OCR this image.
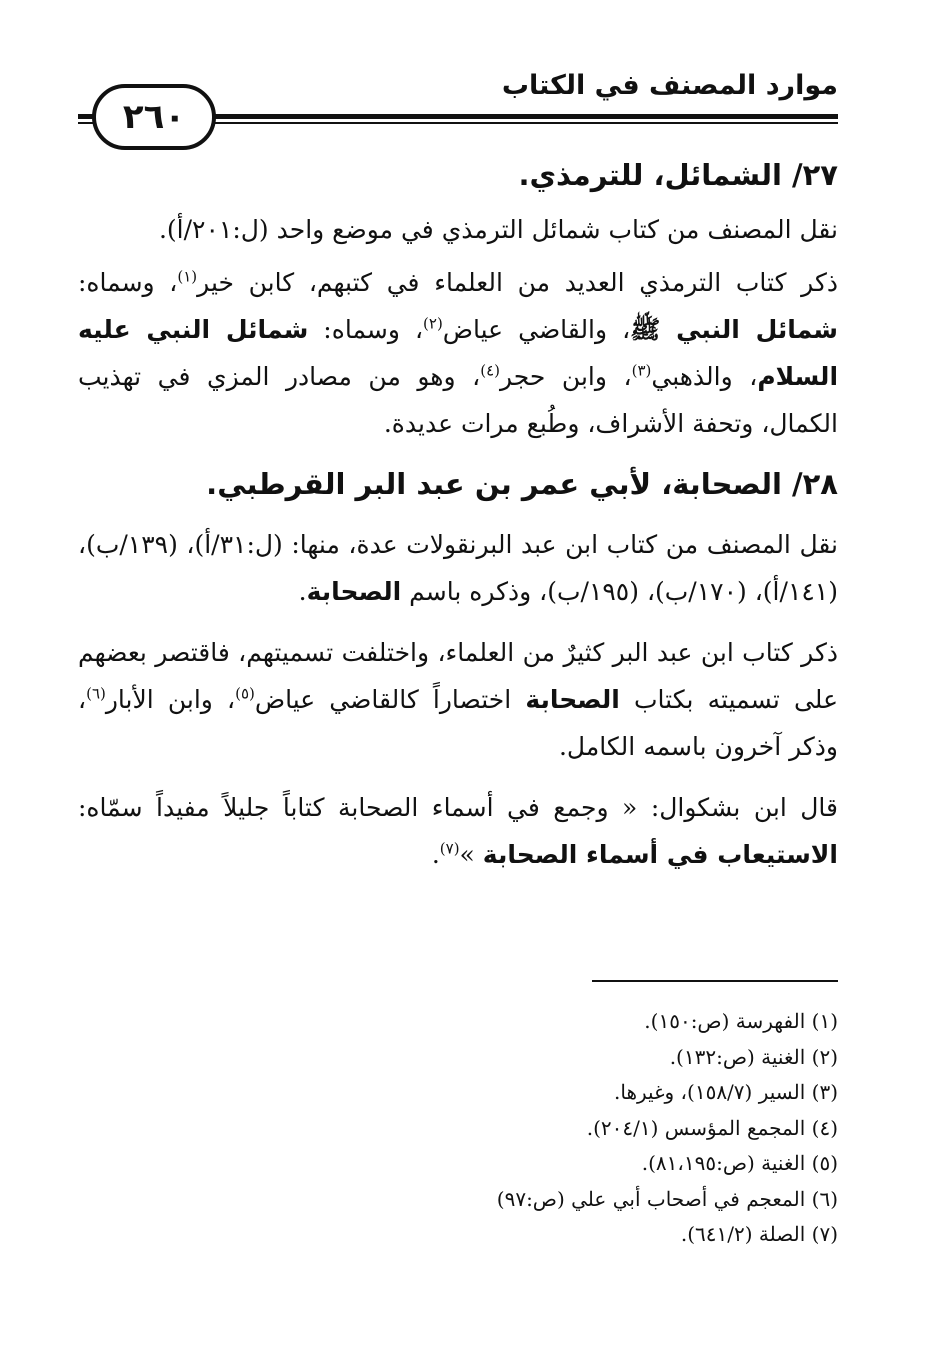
موارد المصنف في الكتاب
٢٦٠
٢٧/ الشمائل، للترمذي.

نقل المصنف من كتاب شمائل الترمذي في موضع واحد (ل:٢٠١/أ).

ذكر كتاب الترمذي العديد من العلماء في كتبهم، كابن خير$^{(١)}$، وسماه: شمائل النبي ﷺ، والقاضي عياض$^{(٢)}$، وسماه: شمائل النبي عليه السلام، والذهبي$^{(٣)}$، وابن حجر$^{(٤)}$، وهو من مصادر المزي في تهذيب الكمال، وتحفة الأشراف، وطُبع مرات عديدة.

٢٨/ الصحابة، لأبي عمر بن عبد البر القرطبي.

نقل المصنف من كتاب ابن عبد البرنقولات عدة، منها: (ل:٣١/أ)، (١٣٩/ب)، (١٤١/أ)، (١٧٠/ب)، (١٩٥/ب)، وذكره باسم الصحابة.

ذكر كتاب ابن عبد البر كثيرٌ من العلماء، واختلفت تسميتهم، فاقتصر بعضهم على تسميته بكتاب الصحابة اختصاراً كالقاضي عياض$^{(٥)}$، وابن الأبار$^{(٦)}$، وذكر آخرون باسمه الكامل.

قال ابن بشكوال: « وجمع في أسماء الصحابة كتاباً جليلاً مفيداً سمّاه: الاستيعاب في أسماء الصحابة »$^{(٧)}$.

(١) الفهرسة (ص:١٥٠).
(٢) الغنية (ص:١٣٢).
(٣) السير (١٥٨/٧)، وغيرها.
(٤) المجمع المؤسس (٢٠٤/١).
(٥) الغنية (ص:٨١،١٩٥).
(٦) المعجم في أصحاب أبي علي (ص:٩٧)
(٧) الصلة (٦٤١/٢).
